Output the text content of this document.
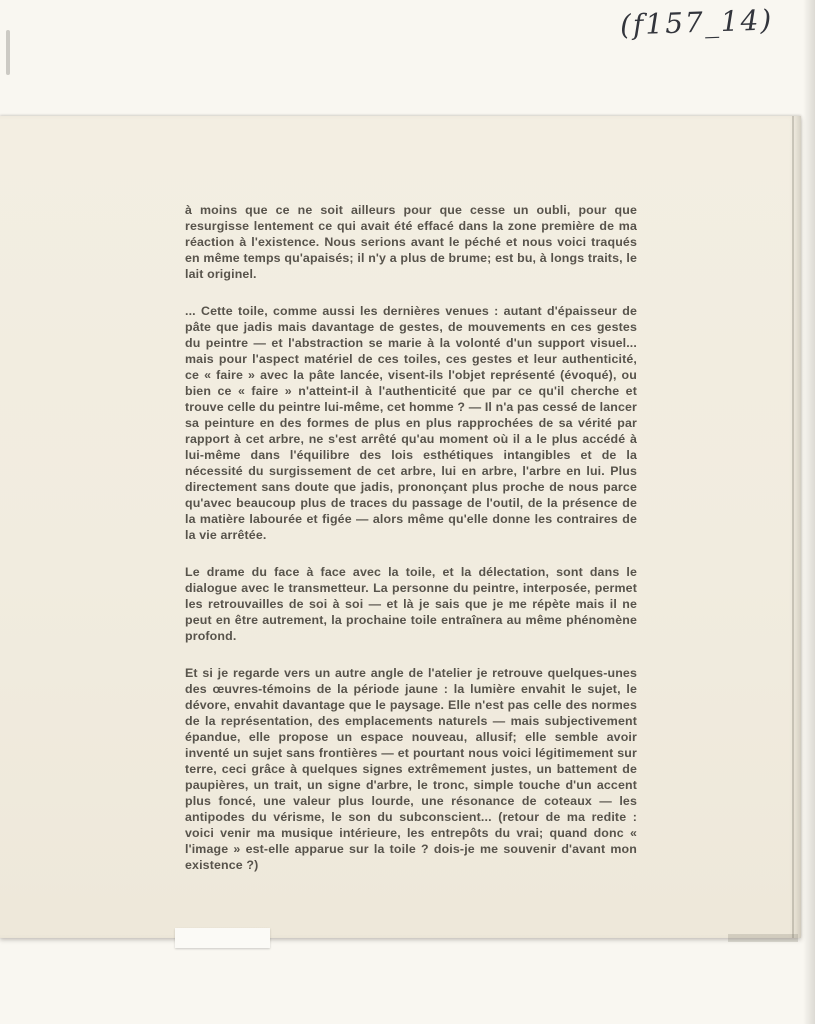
(f157_14)

à moins que ce ne soit ailleurs pour que cesse un oubli, pour que resurgisse lentement ce qui avait été effacé dans la zone première de ma réaction à l'existence. Nous serions avant le péché et nous voici traqués en même temps qu'apaisés; il n'y a plus de brume; est bu, à longs traits, le lait originel.

... Cette toile, comme aussi les dernières venues : autant d'épaisseur de pâte que jadis mais davantage de gestes, de mouvements en ces gestes du peintre — et l'abstraction se marie à la volonté d'un support visuel... mais pour l'aspect matériel de ces toiles, ces gestes et leur authenticité, ce « faire » avec la pâte lancée, visent-ils l'objet représenté (évoqué), ou bien ce « faire » n'atteint-il à l'authenticité que par ce qu'il cherche et trouve celle du peintre lui-même, cet homme ? — Il n'a pas cessé de lancer sa peinture en des formes de plus en plus rapprochées de sa vérité par rapport à cet arbre, ne s'est arrêté qu'au moment où il a le plus accédé à lui-même dans l'équilibre des lois esthétiques intangibles et de la nécessité du surgissement de cet arbre, lui en arbre, l'arbre en lui. Plus directement sans doute que jadis, prononçant plus proche de nous parce qu'avec beaucoup plus de traces du passage de l'outil, de la présence de la matière labourée et figée — alors même qu'elle donne les contraires de la vie arrêtée.

Le drame du face à face avec la toile, et la délectation, sont dans le dialogue avec le transmetteur. La personne du peintre, interposée, permet les retrouvailles de soi à soi — et là je sais que je me répète mais il ne peut en être autrement, la prochaine toile entraînera au même phénomène profond.

Et si je regarde vers un autre angle de l'atelier je retrouve quelques-unes des œuvres-témoins de la période jaune : la lumière envahit le sujet, le dévore, envahit davantage que le paysage. Elle n'est pas celle des normes de la représentation, des emplacements naturels — mais subjectivement épandue, elle propose un espace nouveau, allusif; elle semble avoir inventé un sujet sans frontières — et pourtant nous voici légitimement sur terre, ceci grâce à quelques signes extrêmement justes, un battement de paupières, un trait, un signe d'arbre, le tronc, simple touche d'un accent plus foncé, une valeur plus lourde, une résonance de coteaux — les antipodes du vérisme, le son du subconscient... (retour de ma redite : voici venir ma musique intérieure, les entrepôts du vrai; quand donc « l'image » est-elle apparue sur la toile ? dois-je me souvenir d'avant mon existence ?)
